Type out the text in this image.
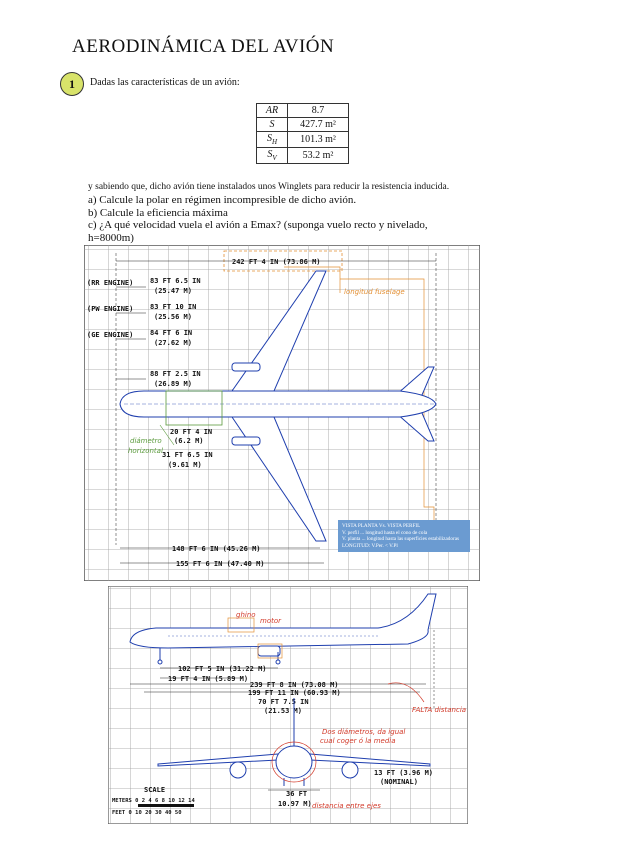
AERODINÁMICA DEL AVIÓN
1	Dadas las características de un avión:
AR	8.7
S	427.7 m²
$S_H$	101.3 m²
$S_V$	53.2 m²
y sabiendo que, dicho avión tiene instalados unos Winglets para reducir la resistencia inducida.
a) Calcule la polar en régimen incompresible de dicho avión.
b) Calcule la eficiencia máxima
c) ¿A qué velocidad vuela el avión a Emax? (suponga vuelo recto y nivelado, h=8000m)
242 FT 4 IN (73.86 M)
longitud fuselage
(RR ENGINE)
(PW ENGINE)
(GE ENGINE)
83 FT 6.5 IN
(25.47 M)
83 FT 10 IN
(25.56 M)
84 FT 6 IN
(27.62 M)
88 FT 2.5 IN
(26.89 M)
diámetro
horizontal
20 FT 4 IN
(6.2 M)
31 FT 6.5 IN
(9.61 M)
148 FT 6 IN (45.26 M)
155 FT 6 IN (47.40 M)
VISTA PLANTA Vs. VISTA PERFIL
V. perfil ... longitud hasta el cono de cola
V. planta ... longitud hasta las superficies estabilizadoras
LONGITUD: V.Per. < V.Pl
ghino
motor
102 FT 5 IN (31.22 M)
19 FT 4 IN (5.89 M)
239 FT 8 IN (73.08 M)
199 FT 11 IN (60.93 M)
FALTA distancia
70 FT 7.5 IN
(21.53 M)
Dos diámetros, da igual
cual coger ó la media
13 FT (3.96 M)
(NOMINAL)
36 FT
10.97 M) distancia entre ejes
SCALE
METERS 0 2 4 6 8 10 12 14
FEET 0 10 20 30 40 50
